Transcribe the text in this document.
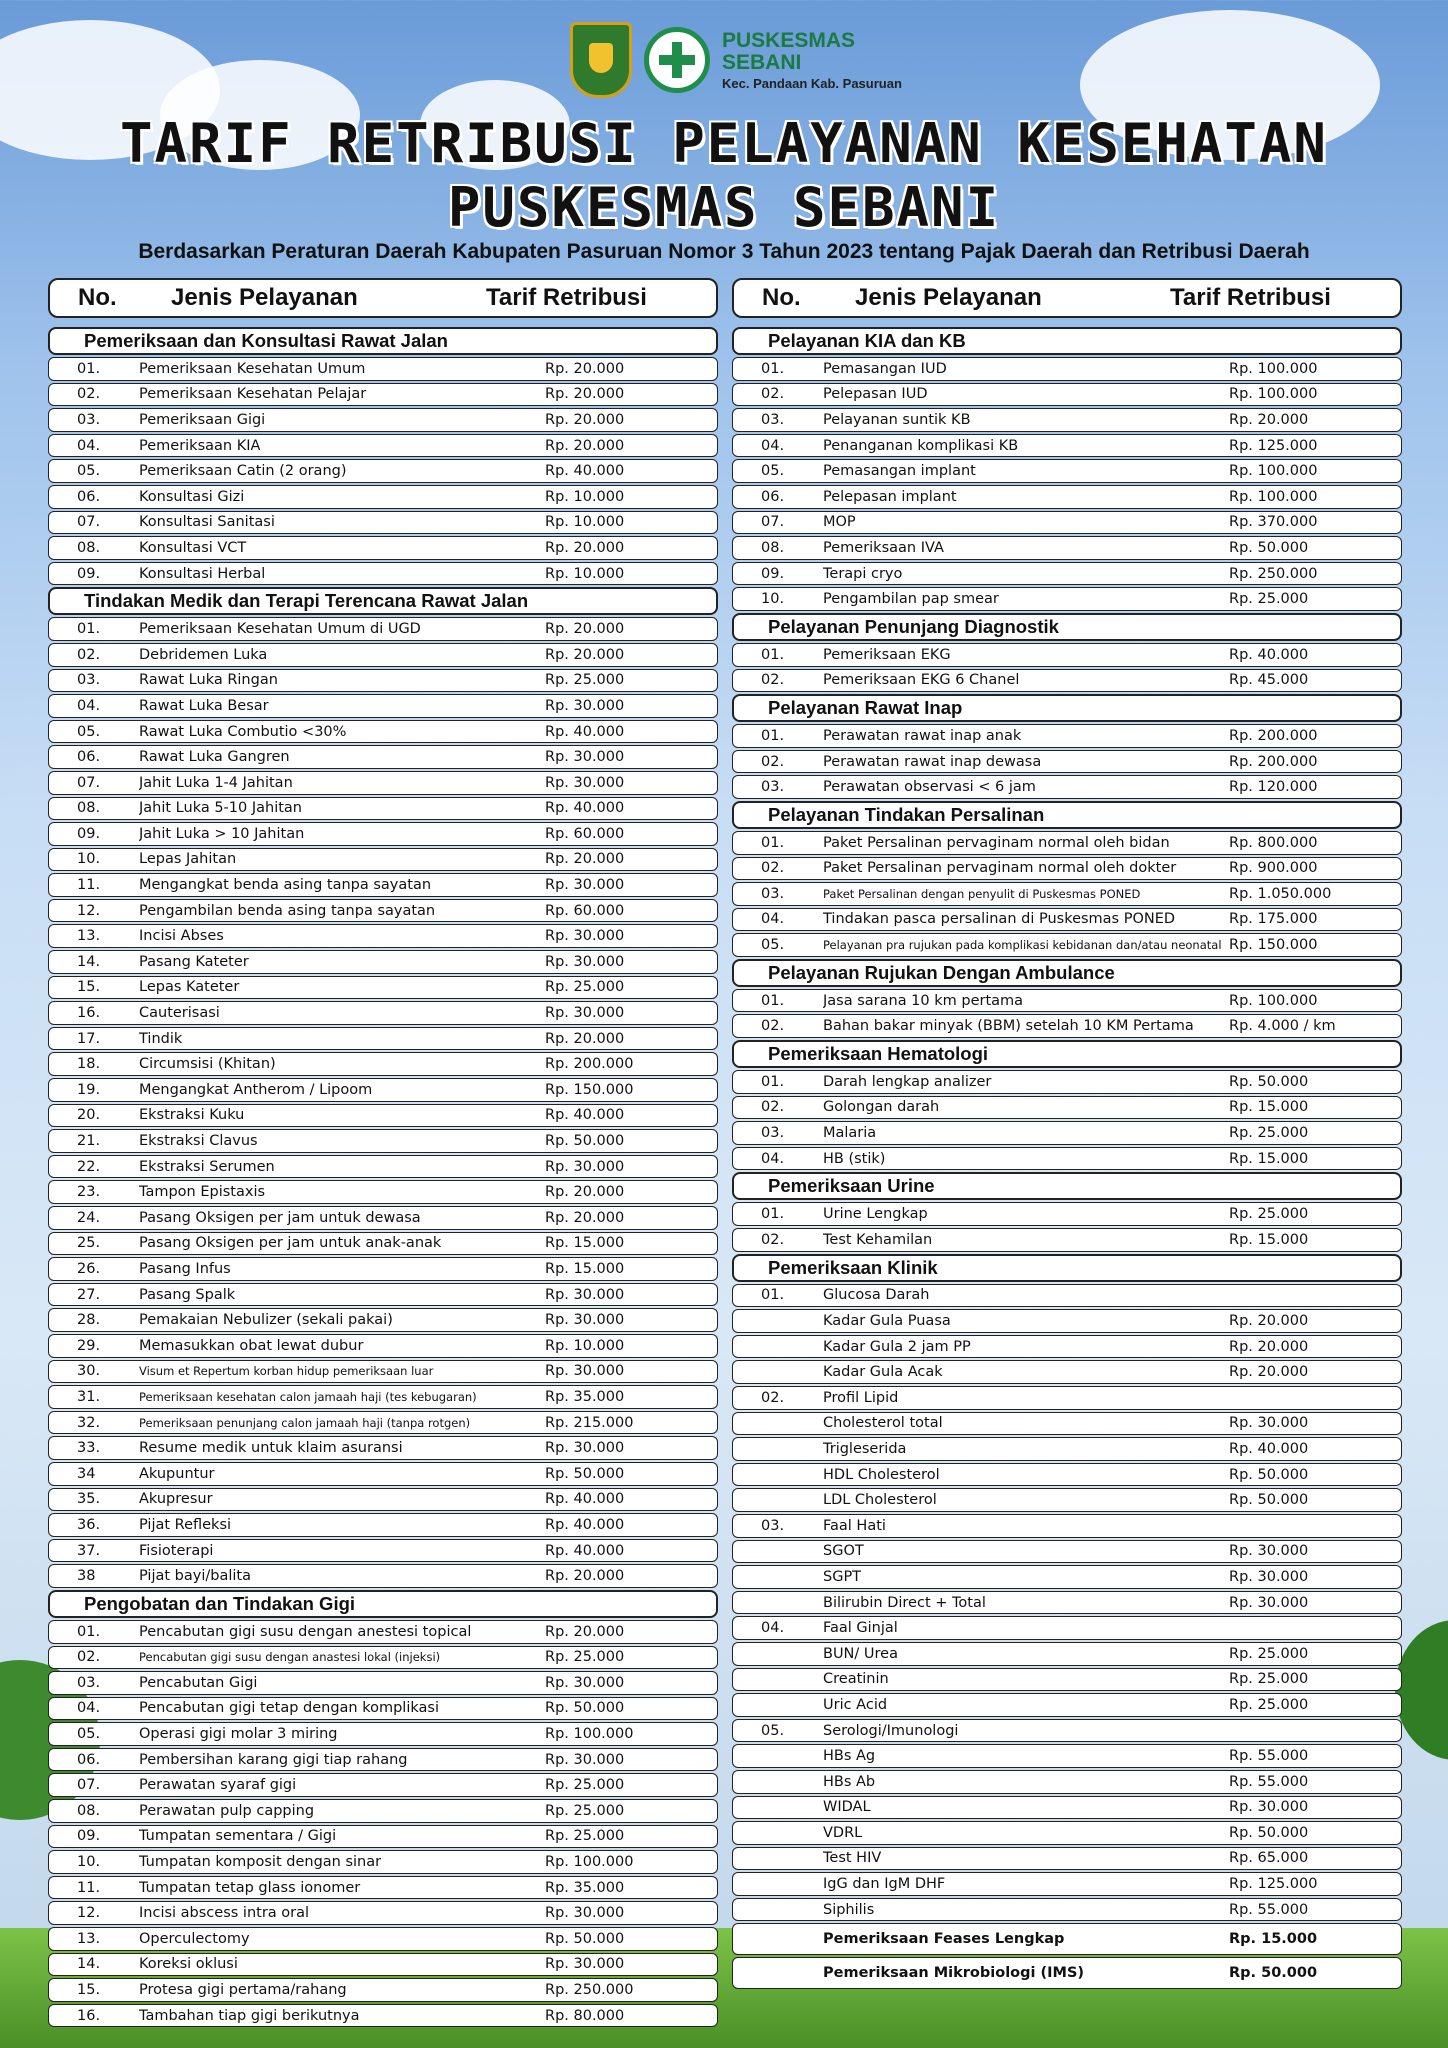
PUSKESMAS
SEBANI
Kec. Pandaan Kab. Pasuruan
TARIF RETRIBUSI PELAYANAN KESEHATAN
PUSKESMAS SEBANI
Berdasarkan Peraturan Daerah Kabupaten Pasuruan Nomor 3 Tahun 2023 tentang Pajak Daerah dan Retribusi Daerah
No.	Jenis Pelayanan	Tarif Retribusi
Pemeriksaan dan Konsultasi Rawat Jalan
01.	Pemeriksaan Kesehatan Umum	Rp. 20.000
02.	Pemeriksaan Kesehatan Pelajar	Rp. 20.000
03.	Pemeriksaan Gigi	Rp. 20.000
04.	Pemeriksaan KIA	Rp. 20.000
05.	Pemeriksaan Catin (2 orang)	Rp. 40.000
06.	Konsultasi Gizi	Rp. 10.000
07.	Konsultasi Sanitasi	Rp. 10.000
08.	Konsultasi VCT	Rp. 20.000
09.	Konsultasi Herbal	Rp. 10.000
Tindakan Medik dan Terapi Terencana Rawat Jalan
01.	Pemeriksaan Kesehatan Umum di UGD	Rp. 20.000
02.	Debridemen Luka	Rp. 20.000
03.	Rawat Luka Ringan	Rp. 25.000
04.	Rawat Luka Besar	Rp. 30.000
05.	Rawat Luka Combutio <30%	Rp. 40.000
06.	Rawat Luka Gangren	Rp. 30.000
07.	Jahit Luka 1-4 Jahitan	Rp. 30.000
08.	Jahit Luka 5-10 Jahitan	Rp. 40.000
09.	Jahit Luka > 10 Jahitan	Rp. 60.000
10.	Lepas Jahitan	Rp. 20.000
11.	Mengangkat benda asing tanpa sayatan	Rp. 30.000
12.	Pengambilan benda asing tanpa sayatan	Rp. 60.000
13.	Incisi Abses	Rp. 30.000
14.	Pasang Kateter	Rp. 30.000
15.	Lepas Kateter	Rp. 25.000
16.	Cauterisasi	Rp. 30.000
17.	Tindik	Rp. 20.000
18.	Circumsisi (Khitan)	Rp. 200.000
19.	Mengangkat Antherom / Lipoom	Rp. 150.000
20.	Ekstraksi Kuku	Rp. 40.000
21.	Ekstraksi Clavus	Rp. 50.000
22.	Ekstraksi Serumen	Rp. 30.000
23.	Tampon Epistaxis	Rp. 20.000
24.	Pasang Oksigen per jam untuk dewasa	Rp. 20.000
25.	Pasang Oksigen per jam untuk anak-anak	Rp. 15.000
26.	Pasang Infus	Rp. 15.000
27.	Pasang Spalk	Rp. 30.000
28.	Pemakaian Nebulizer (sekali pakai)	Rp. 30.000
29.	Memasukkan obat lewat dubur	Rp. 10.000
30.	Visum et Repertum korban hidup pemeriksaan luar	Rp. 30.000
31.	Pemeriksaan kesehatan calon jamaah haji (tes kebugaran)	Rp. 35.000
32.	Pemeriksaan penunjang calon jamaah haji (tanpa rotgen)	Rp. 215.000
33.	Resume medik untuk klaim asuransi	Rp. 30.000
34	Akupuntur	Rp. 50.000
35.	Akupresur	Rp. 40.000
36.	Pijat Refleksi	Rp. 40.000
37.	Fisioterapi	Rp. 40.000
38	Pijat bayi/balita	Rp. 20.000
Pengobatan dan Tindakan Gigi
01.	Pencabutan gigi susu dengan anestesi topical	Rp. 20.000
02.	Pencabutan gigi susu dengan anastesi lokal (injeksi)	Rp. 25.000
03.	Pencabutan Gigi	Rp. 30.000
04.	Pencabutan gigi tetap dengan komplikasi	Rp. 50.000
05.	Operasi gigi molar 3 miring	Rp. 100.000
06.	Pembersihan karang gigi tiap rahang	Rp. 30.000
07.	Perawatan syaraf gigi	Rp. 25.000
08.	Perawatan pulp capping	Rp. 25.000
09.	Tumpatan sementara / Gigi	Rp. 25.000
10.	Tumpatan komposit dengan sinar	Rp. 100.000
11.	Tumpatan tetap glass ionomer	Rp. 35.000
12.	Incisi abscess intra oral	Rp. 30.000
13.	Operculectomy	Rp. 50.000
14.	Koreksi oklusi	Rp. 30.000
15.	Protesa gigi pertama/rahang	Rp. 250.000
16.	Tambahan tiap gigi berikutnya	Rp. 80.000
No.	Jenis Pelayanan	Tarif Retribusi
Pelayanan KIA dan KB
01.	Pemasangan IUD	Rp. 100.000
02.	Pelepasan IUD	Rp. 100.000
03.	Pelayanan suntik KB	Rp. 20.000
04.	Penanganan komplikasi KB	Rp. 125.000
05.	Pemasangan implant	Rp. 100.000
06.	Pelepasan implant	Rp. 100.000
07.	MOP	Rp. 370.000
08.	Pemeriksaan IVA	Rp. 50.000
09.	Terapi cryo	Rp. 250.000
10.	Pengambilan pap smear	Rp. 25.000
Pelayanan Penunjang Diagnostik
01.	Pemeriksaan EKG	Rp. 40.000
02.	Pemeriksaan EKG 6 Chanel	Rp. 45.000
Pelayanan Rawat Inap
01.	Perawatan rawat inap anak	Rp. 200.000
02.	Perawatan rawat inap dewasa	Rp. 200.000
03.	Perawatan observasi < 6 jam	Rp. 120.000
Pelayanan Tindakan Persalinan
01.	Paket Persalinan pervaginam normal oleh bidan	Rp. 800.000
02.	Paket Persalinan pervaginam normal oleh dokter	Rp. 900.000
03.	Paket Persalinan dengan penyulit di Puskesmas PONED	Rp. 1.050.000
04.	Tindakan pasca persalinan di Puskesmas PONED	Rp. 175.000
05.	Pelayanan pra rujukan pada komplikasi kebidanan dan/atau neonatal Rp. 150.000
Pelayanan Rujukan Dengan Ambulance
01.	Jasa sarana 10 km pertama	Rp. 100.000
02.	Bahan bakar minyak (BBM) setelah 10 KM Pertama	Rp. 4.000 / km
Pemeriksaan Hematologi
01.	Darah lengkap analizer	Rp. 50.000
02.	Golongan darah	Rp. 15.000
03.	Malaria	Rp. 25.000
04.	HB (stik)	Rp. 15.000
Pemeriksaan Urine
01.	Urine Lengkap	Rp. 25.000
02.	Test Kehamilan	Rp. 15.000
Pemeriksaan Klinik
01.	Glucosa Darah
Kadar Gula Puasa	Rp. 20.000
Kadar Gula 2 jam PP	Rp. 20.000
Kadar Gula Acak	Rp. 20.000
02.	Profil Lipid
Cholesterol total	Rp. 30.000
Trigleserida	Rp. 40.000
HDL Cholesterol	Rp. 50.000
LDL Cholesterol	Rp. 50.000
03.	Faal Hati
SGOT	Rp. 30.000
SGPT	Rp. 30.000
Bilirubin Direct + Total	Rp. 30.000
04.	Faal Ginjal
BUN/ Urea	Rp. 25.000
Creatinin	Rp. 25.000
Uric Acid	Rp. 25.000
05.	Serologi/Imunologi
HBs Ag	Rp. 55.000
HBs Ab	Rp. 55.000
WIDAL	Rp. 30.000
VDRL	Rp. 50.000
Test HIV	Rp. 65.000
IgG dan IgM DHF	Rp. 125.000
Siphilis	Rp. 55.000
Pemeriksaan Feases Lengkap	Rp. 15.000
Pemeriksaan Mikrobiologi (IMS)	Rp. 50.000
